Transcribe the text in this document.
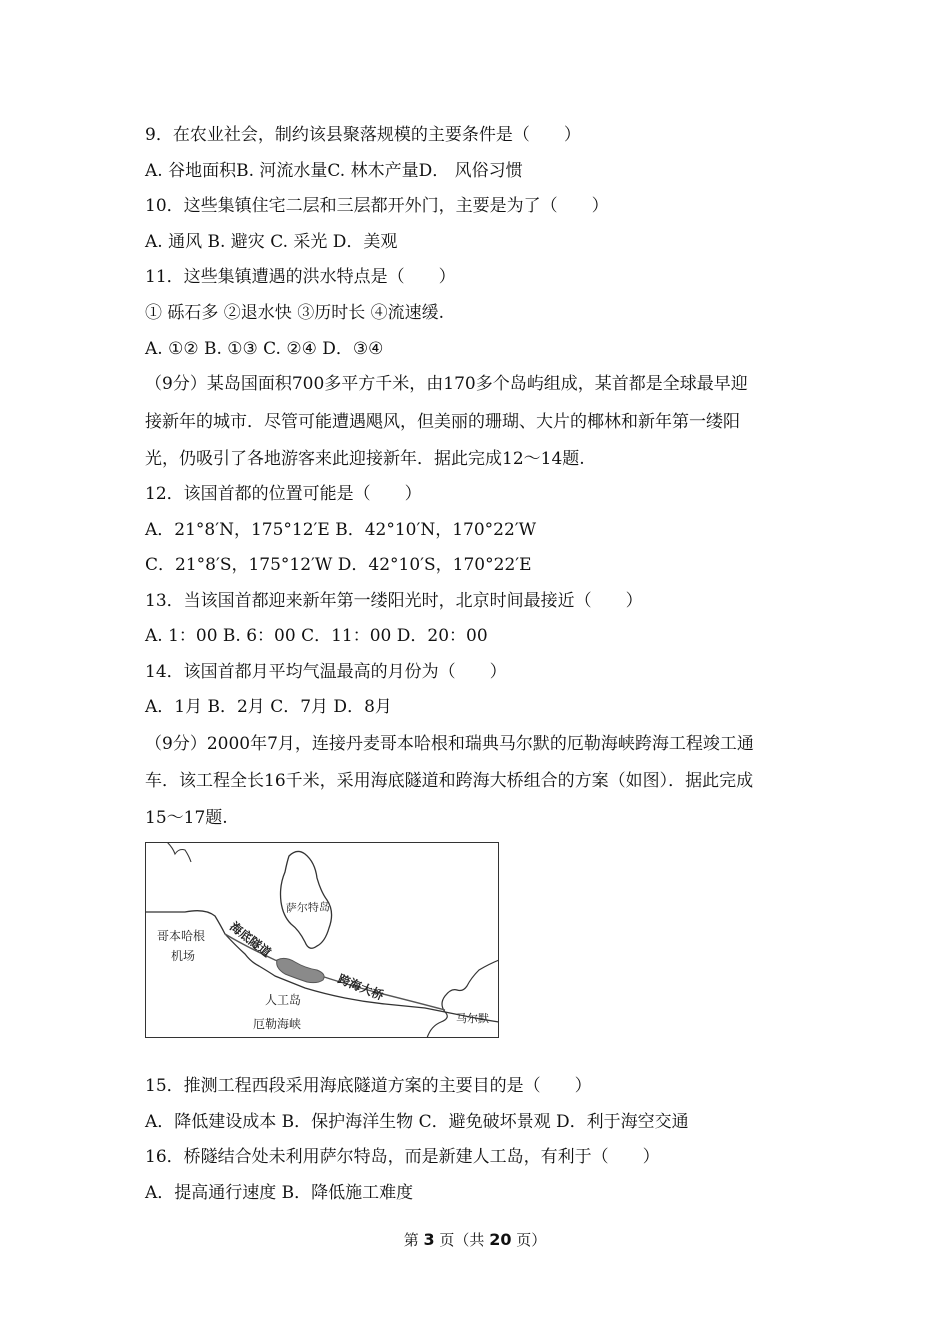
9．在农业社会，制约该县聚落规模的主要条件是（　　）
A. 谷地面积B. 河流水量C. 林木产量D． 风俗习惯
10．这些集镇住宅二层和三层都开外门，主要是为了（　　）
A. 通风 B. 避灾 C. 采光 D．美观
11．这些集镇遭遇的洪水特点是（　　）
① 砾石多 ②退水快 ③历时长 ④流速缓.
A. ①② B. ①③ C. ②④ D．③④
（9分）某岛国面积700多平方千米，由170多个岛屿组成，某首都是全球最早迎
接新年的城市．尽管可能遭遇飓风，但美丽的珊瑚、大片的椰林和新年第一缕阳
光，仍吸引了各地游客来此迎接新年．据此完成12～14题.
12．该国首都的位置可能是（　　）
A．21°8′N，175°12′E B．42°10′N，170°22′W
C．21°8′S，175°12′W D．42°10′S，170°22′E
13．当该国首都迎来新年第一缕阳光时，北京时间最接近（　　）
A. 1：00 B. 6：00 C．11：00 D．20：00
14．该国首都月平均气温最高的月份为（　　）
A．1月 B．2月 C．7月 D．8月
（9分）2000年7月，连接丹麦哥本哈根和瑞典马尔默的厄勒海峡跨海工程竣工通
车．该工程全长16千米，采用海底隧道和跨海大桥组合的方案（如图）．据此完成
15～17题.
萨尔特岛
哥本哈根
机场	海底隧道
跨海大桥
人工岛
厄勒海峡	马尔默
15．推测工程西段采用海底隧道方案的主要目的是（　　）
A．降低建设成本 B．保护海洋生物 C．避免破坏景观 D．利于海空交通
16．桥隧结合处未利用萨尔特岛，而是新建人工岛，有利于（　　）
A．提高通行速度 B．降低施工难度
第 3 页（共 20 页）
